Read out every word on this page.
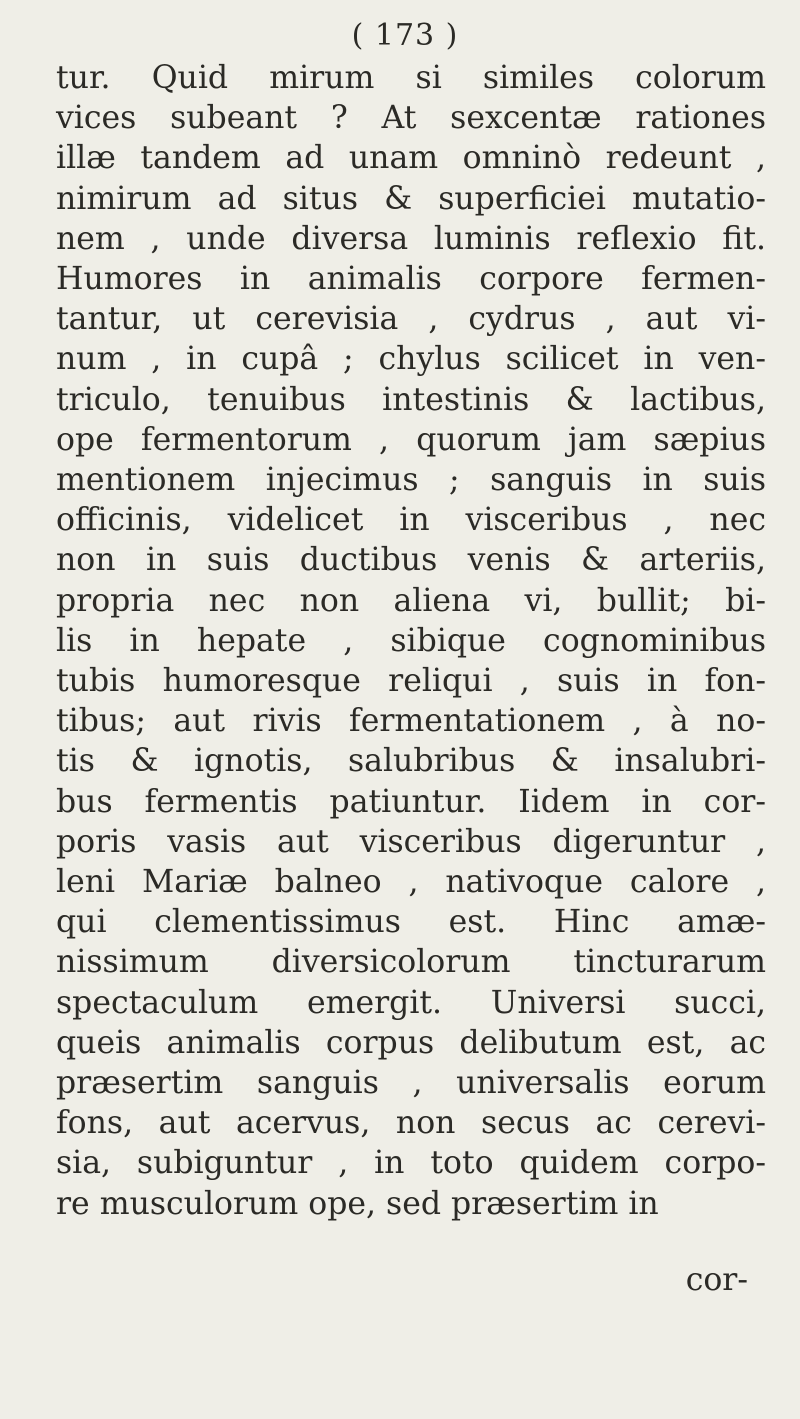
( 173 )
tur. Quid mirum si similes colorum
vices subeant ? At sexcentæ rationes
illæ tandem ad unam omninò redeunt ,
nimirum ad situs & superficiei mutatio-
nem , unde diversa luminis reflexio fit.
Humores in animalis corpore fermen-
tantur, ut cerevisia , cydrus , aut vi-
num , in cupâ ; chylus scilicet in ven-
triculo, tenuibus intestinis & lactibus,
ope fermentorum , quorum jam sæpius
mentionem injecimus ; sanguis in suis
officinis, videlicet in visceribus , nec
non in suis ductibus venis & arteriis,
propria nec non aliena vi, bullit; bi-
lis in hepate , sibique cognominibus
tubis humoresque reliqui , suis in fon-
tibus; aut rivis fermentationem , à no-
tis & ignotis, salubribus & insalubri-
bus fermentis patiuntur. Iidem in cor-
poris vasis aut visceribus digeruntur ,
leni Mariæ balneo , nativoque calore ,
qui clementissimus est. Hinc amæ-
nissimum diversicolorum tincturarum
spectaculum emergit. Universi succi,
queis animalis corpus delibutum est, ac
præsertim sanguis , universalis eorum
fons, aut acervus, non secus ac cerevi-
sia, subiguntur , in toto quidem corpo-
re musculorum ope, sed præsertim in
cor-
